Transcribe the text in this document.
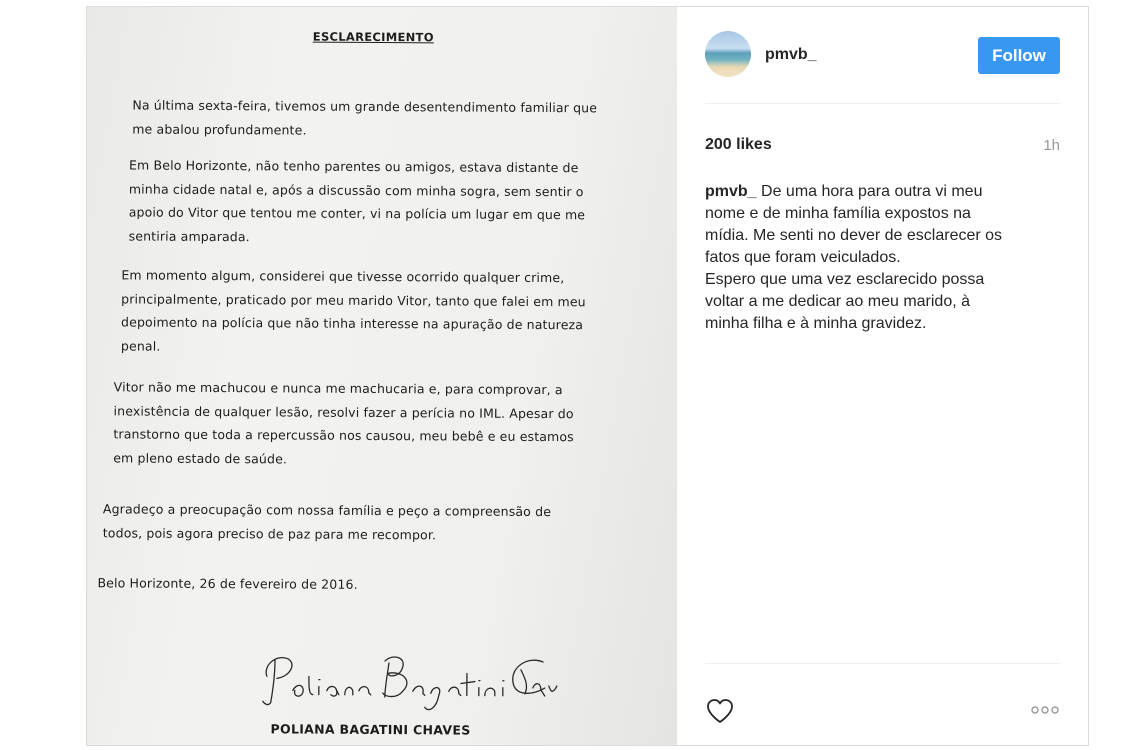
ESCLARECIMENTO
Na última sexta-feira, tivemos um grande desentendimento familiar que
me abalou profundamente.
Em Belo Horizonte, não tenho parentes ou amigos, estava distante de
minha cidade natal e, após a discussão com minha sogra, sem sentir o
apoio do Vitor que tentou me conter, vi na polícia um lugar em que me
sentiria amparada.
Em momento algum, considerei que tivesse ocorrido qualquer crime,
principalmente, praticado por meu marido Vitor, tanto que falei em meu
depoimento na polícia que não tinha interesse na apuração de natureza
penal.
Vitor não me machucou e nunca me machucaria e, para comprovar, a
inexistência de qualquer lesão, resolvi fazer a perícia no IML. Apesar do
transtorno que toda a repercussão nos causou, meu bebê e eu estamos
em pleno estado de saúde.
Agradeço a preocupação com nossa família e peço a compreensão de
todos, pois agora preciso de paz para me recompor.
Belo Horizonte, 26 de fevereiro de 2016.
POLIANA BAGATINI CHAVES
pmvb_	Follow
200 likes	1h
pmvb_ De uma hora para outra vi meu
nome e de minha família expostos na
mídia. Me senti no dever de esclarecer os
fatos que foram veiculados.
Espero que uma vez esclarecido possa
voltar a me dedicar ao meu marido, à
minha filha e à minha gravidez.
